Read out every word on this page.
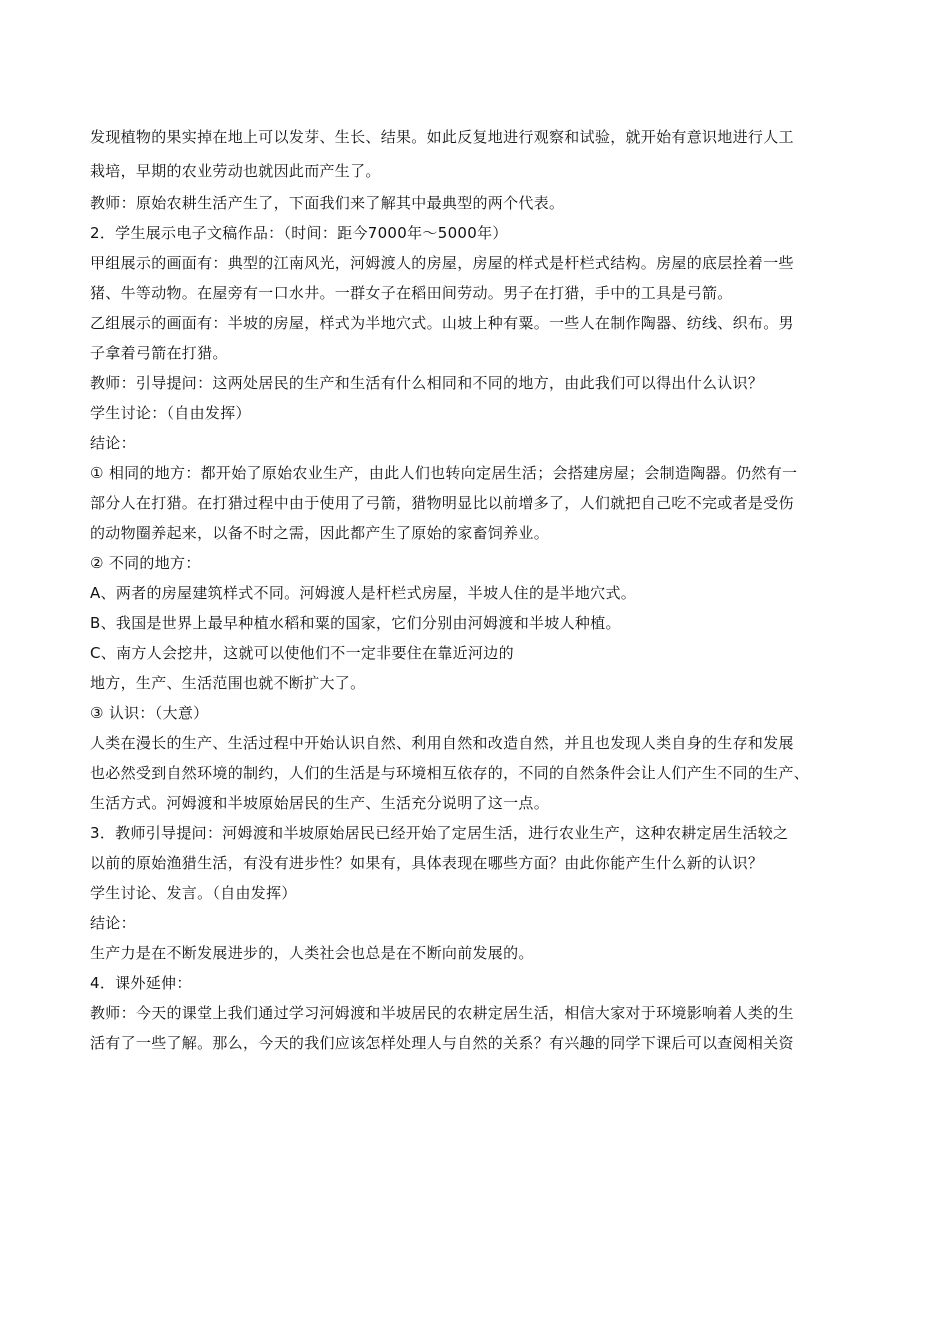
发现植物的果实掉在地上可以发芽、生长、结果。如此反复地进行观察和试验，就开始有意识地进行人工
栽培，早期的农业劳动也就因此而产生了。
教师：原始农耕生活产生了，下面我们来了解其中最典型的两个代表。
2．学生展示电子文稿作品：（时间：距今7000年～5000年）
甲组展示的画面有：典型的江南风光，河姆渡人的房屋，房屋的样式是杆栏式结构。房屋的底层拴着一些
猪、牛等动物。在屋旁有一口水井。一群女子在稻田间劳动。男子在打猎，手中的工具是弓箭。
乙组展示的画面有：半坡的房屋，样式为半地穴式。山坡上种有粟。一些人在制作陶器、纺线、织布。男
子拿着弓箭在打猎。
教师：引导提问：这两处居民的生产和生活有什么相同和不同的地方，由此我们可以得出什么认识？
学生讨论：（自由发挥）
结论：
① 相同的地方：都开始了原始农业生产，由此人们也转向定居生活；会搭建房屋；会制造陶器。仍然有一
部分人在打猎。在打猎过程中由于使用了弓箭，猎物明显比以前增多了，人们就把自己吃不完或者是受伤
的动物圈养起来，以备不时之需，因此都产生了原始的家畜饲养业。
② 不同的地方：
A、两者的房屋建筑样式不同。河姆渡人是杆栏式房屋，半坡人住的是半地穴式。
B、我国是世界上最早种植水稻和粟的国家，它们分别由河姆渡和半坡人种植。
C、南方人会挖井，这就可以使他们不一定非要住在靠近河边的
地方，生产、生活范围也就不断扩大了。
③ 认识：（大意）
人类在漫长的生产、生活过程中开始认识自然、利用自然和改造自然，并且也发现人类自身的生存和发展
也必然受到自然环境的制约，人们的生活是与环境相互依存的，不同的自然条件会让人们产生不同的生产、
生活方式。河姆渡和半坡原始居民的生产、生活充分说明了这一点。
3．教师引导提问：河姆渡和半坡原始居民已经开始了定居生活，进行农业生产，这种农耕定居生活较之
以前的原始渔猎生活，有没有进步性？如果有，具体表现在哪些方面？由此你能产生什么新的认识？
学生讨论、发言。（自由发挥）
结论：
生产力是在不断发展进步的，人类社会也总是在不断向前发展的。
4．课外延伸：
教师：今天的课堂上我们通过学习河姆渡和半坡居民的农耕定居生活，相信大家对于环境影响着人类的生
活有了一些了解。那么，今天的我们应该怎样处理人与自然的关系？有兴趣的同学下课后可以查阅相关资
